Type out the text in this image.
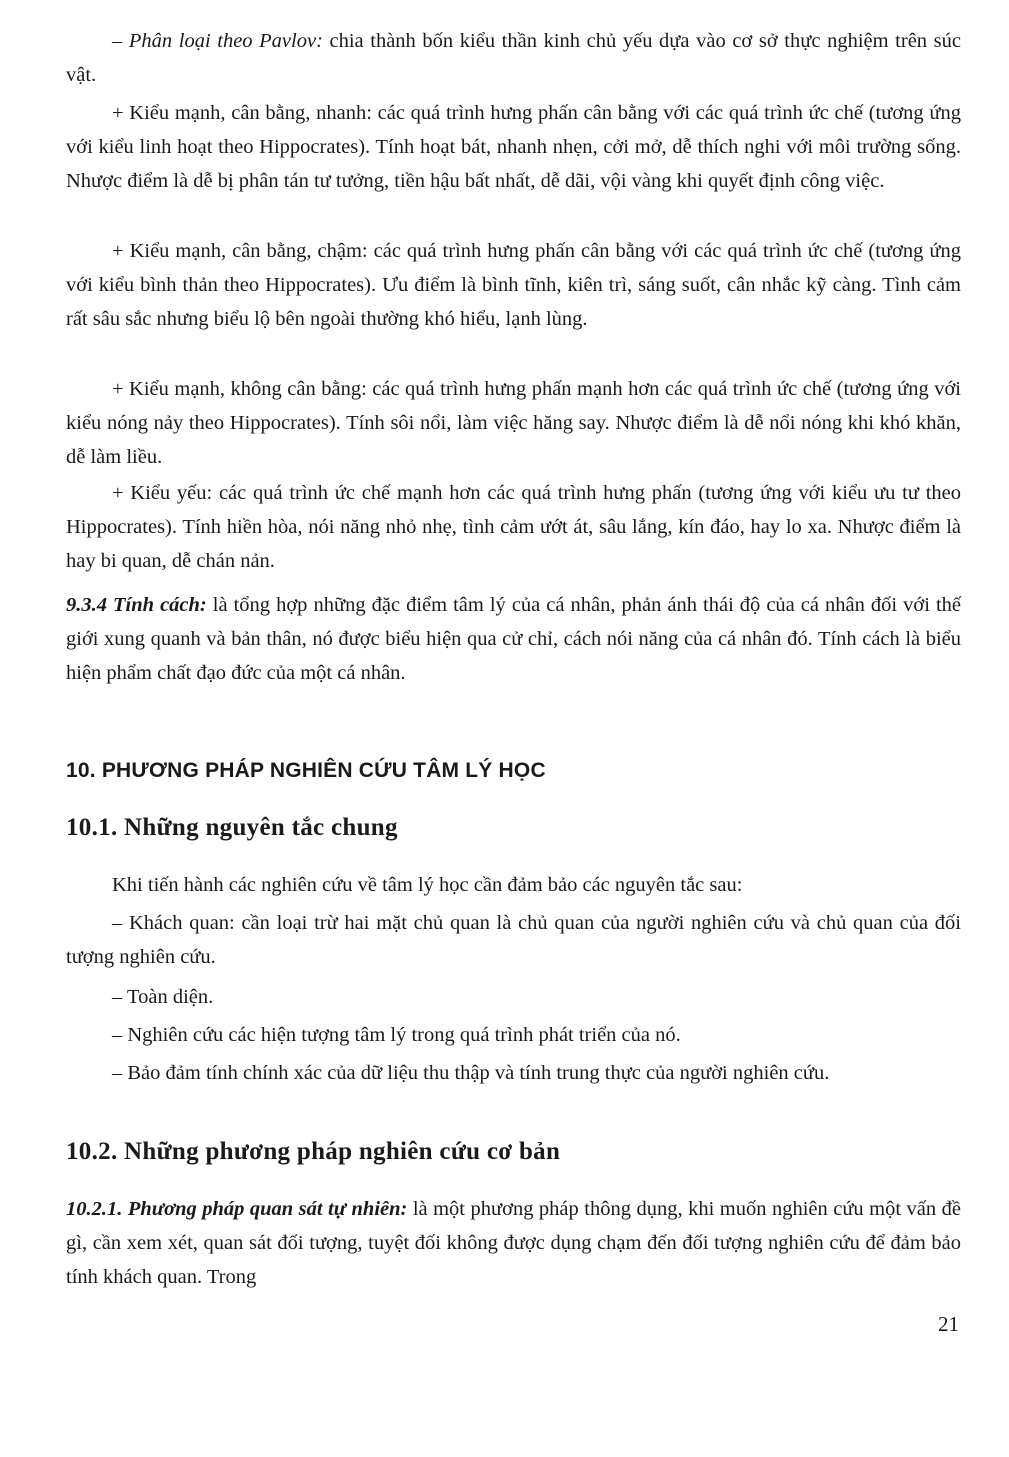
– Phân loại theo Pavlov: chia thành bốn kiểu thần kinh chủ yếu dựa vào cơ sở thực nghiệm trên súc vật.

+ Kiểu mạnh, cân bằng, nhanh: các quá trình hưng phấn cân bằng với các quá trình ức chế (tương ứng với kiểu linh hoạt theo Hippocrates). Tính hoạt bát, nhanh nhẹn, cởi mở, dễ thích nghi với môi trường sống. Nhược điểm là dễ bị phân tán tư tưởng, tiền hậu bất nhất, dễ dãi, vội vàng khi quyết định công việc.

+ Kiểu mạnh, cân bằng, chậm: các quá trình hưng phấn cân bằng với các quá trình ức chế (tương ứng với kiểu bình thản theo Hippocrates). Ưu điểm là bình tĩnh, kiên trì, sáng suốt, cân nhắc kỹ càng. Tình cảm rất sâu sắc nhưng biểu lộ bên ngoài thường khó hiểu, lạnh lùng.

+ Kiểu mạnh, không cân bằng: các quá trình hưng phấn mạnh hơn các quá trình ức chế (tương ứng với kiểu nóng nảy theo Hippocrates). Tính sôi nổi, làm việc hăng say. Nhược điểm là dễ nổi nóng khi khó khăn, dễ làm liều.

+ Kiểu yếu: các quá trình ức chế mạnh hơn các quá trình hưng phấn (tương ứng với kiểu ưu tư theo Hippocrates). Tính hiền hòa, nói năng nhỏ nhẹ, tình cảm ướt át, sâu lắng, kín đáo, hay lo xa. Nhược điểm là hay bi quan, dễ chán nản.

9.3.4 Tính cách: là tổng hợp những đặc điểm tâm lý của cá nhân, phản ánh thái độ của cá nhân đối với thế giới xung quanh và bản thân, nó được biểu hiện qua cử chỉ, cách nói năng của cá nhân đó. Tính cách là biểu hiện phẩm chất đạo đức của một cá nhân.

10. PHƯƠNG PHÁP NGHIÊN CỨU TÂM LÝ HỌC
10.1. Những nguyên tắc chung

Khi tiến hành các nghiên cứu về tâm lý học cần đảm bảo các nguyên tắc sau:

– Khách quan: cần loại trừ hai mặt chủ quan là chủ quan của người nghiên cứu và chủ quan của đối tượng nghiên cứu.

– Toàn diện.

– Nghiên cứu các hiện tượng tâm lý trong quá trình phát triển của nó.

– Bảo đảm tính chính xác của dữ liệu thu thập và tính trung thực của người nghiên cứu.

10.2. Những phương pháp nghiên cứu cơ bản

10.2.1. Phương pháp quan sát tự nhiên: là một phương pháp thông dụng, khi muốn nghiên cứu một vấn đề gì, cần xem xét, quan sát đối tượng, tuyệt đối không được dụng chạm đến đối tượng nghiên cứu để đảm bảo tính khách quan. Trong

21
